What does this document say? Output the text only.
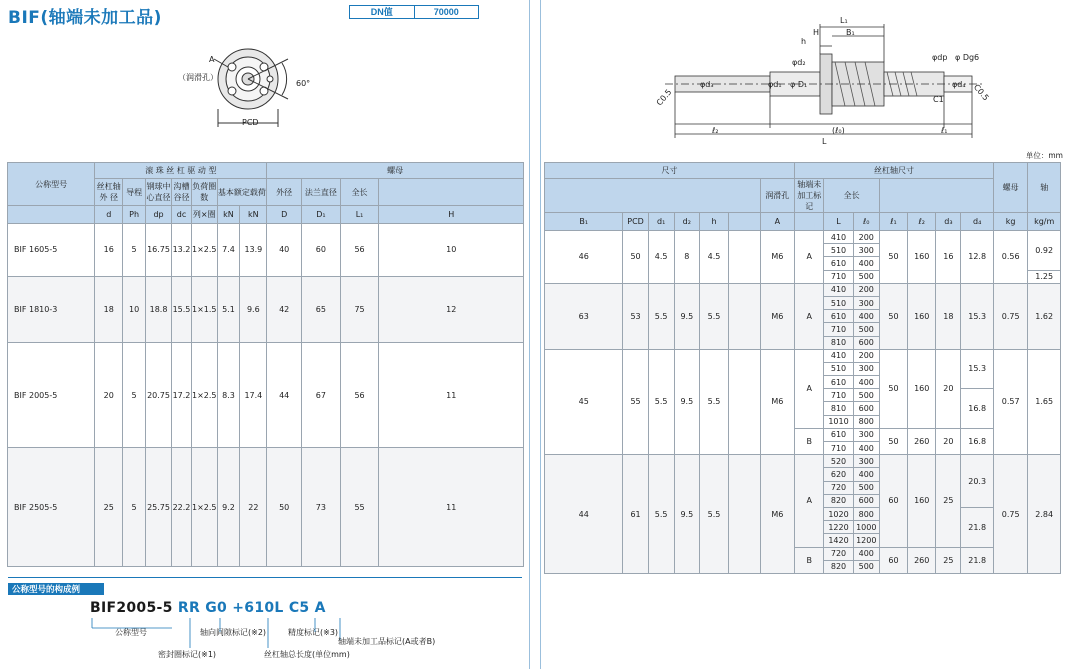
BIF(轴端未加工品)	DN值	70000
A
（润滑孔）
60°
PCD
L₁
H	B₁
h
φdp φ Dg6
φd₂
φ D₁
φd₃	φd₁	φd₄
C1
C0.5	C0.5
ℓ₂	(ℓ₀)	ℓ₁
L
单位：mm
公称型号	滚 珠 丝 杠 驱 动 型							螺母			
	丝杠轴外 径	导程	钢球中心直径	沟槽谷径	负荷圈数	基本额定载荷		外径	法兰直径	全长	

	d	Ph	dp	dc	列×圈	kN	kN	D	D₁	L₁	H
BIF 1605-5	16	5	16.75	13.2	1×2.5	7.4	13.9	40	60	56	10
BIF 1810-3	18	10	18.8	15.5	1×1.5	5.1	9.6	42	65	75	12
BIF 2005-5	20	5	20.75	17.2	1×2.5	8.3	17.4	44	67	56	11
BIF 2505-5	25	5	25.75	22.2	1×2.5	9.2	22	50	73	55	11
尺寸							丝杠轴尺寸							螺母	轴
						润滑孔	轴端未加工标记	全长							

B₁	PCD	d₁	d₂	h		A		L	ℓ₀	ℓ₁	ℓ₂	d₃	d₄	kg	kg/m
46	50	4.5	8	4.5		M6	A	410	200	50	160	16	12.8	0.56	0.92
								510	300						
								610	400						
								710	500						1.25
63	53	5.5	9.5	5.5		M6	A	410	200	50	160	18	15.3	0.75	1.62
								510	300						
								610	400						
								710	500						
								810	600						
45	55	5.5	9.5	5.5		M6	A	410	200	50	160	20	15.3	0.57	1.65
								510	300						
								610	400						
								710	500				16.8		
								810	600						
								1010	800						
							B	610	300	50	260	20	16.8		
								710	400						
44	61	5.5	9.5	5.5		M6	A	520	300	60	160	25	20.3	0.75	2.84
								620	400						
								720	500						
								820	600						
								1020	800				21.8		
								1220	1000						
								1420	1200						
							B	720	400	60	260	25	21.8		
								820	500						
公称型号的构成例
BIF2005-5 RR G0 +610L C5 A
公称型号	轴向间隙标记(※2)	精度标记(※3)
轴端未加工品标记(A或者B)
密封圈标记(※1)	丝杠轴总长度(单位mm)
